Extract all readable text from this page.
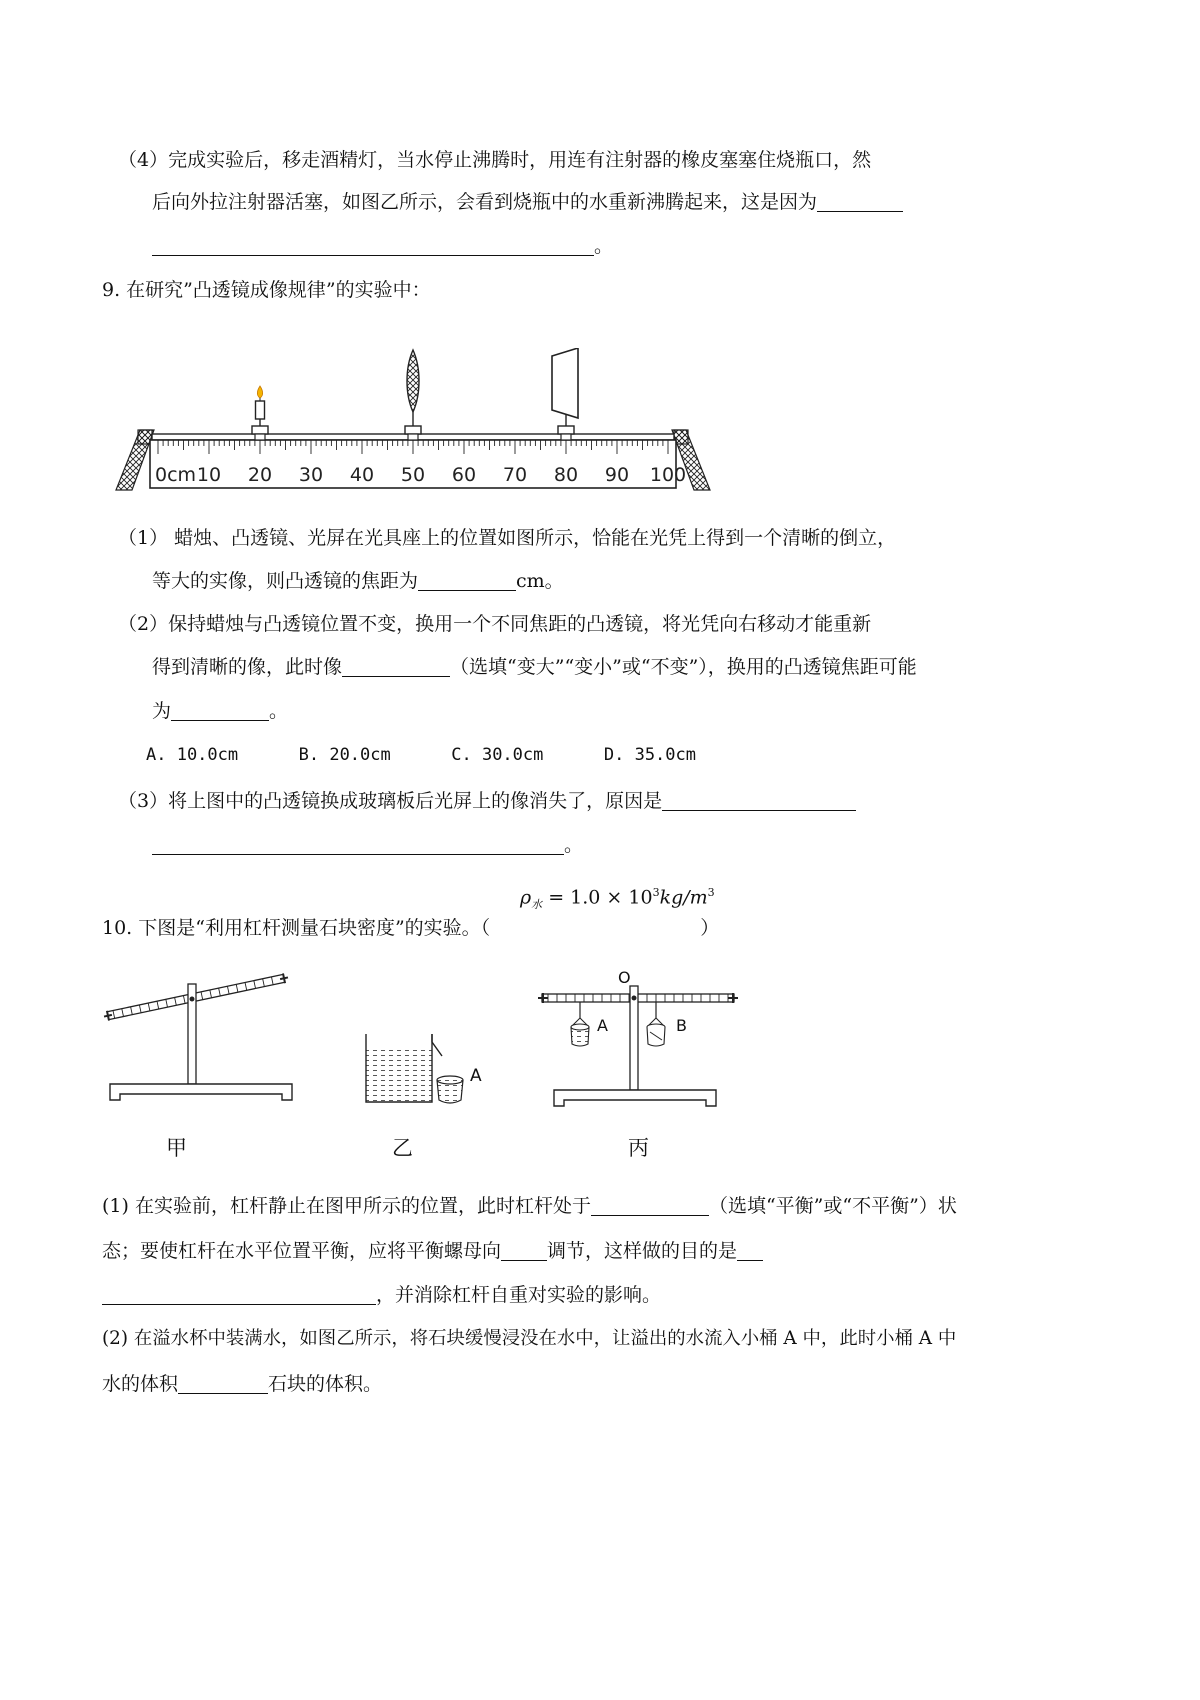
（4）完成实验后，移走酒精灯，当水停止沸腾时，用连有注射器的橡皮塞塞住烧瓶口，然
后向外拉注射器活塞，如图乙所示，会看到烧瓶中的水重新沸腾起来，这是因为
。
9. 在研究”凸透镜成像规律”的实验中：
0cm 10 20 30 40 50 60 70 80 90 100
（1） 蜡烛、凸透镜、光屏在光具座上的位置如图所示，恰能在光凭上得到一个清晰的倒立，
等大的实像，则凸透镜的焦距为	cm。
（2）保持蜡烛与凸透镜位置不变，换用一个不同焦距的凸透镜，将光凭向右移动才能重新
得到清晰的像，此时像	（选填“变大”“变小”或“不变”），换用的凸透镜焦距可能
为	。
A. 10.0cm	B. 20.0cm	C. 30.0cm	D. 35.0cm
（3）将上图中的凸透镜换成玻璃板后光屏上的像消失了，原因是
。
10. 下图是“利用杠杆测量石块密度”的实验。（	）
$\rho_水 = 1.0 \times 10^3kg/m^3$
甲
A
乙
O
A	B
丙
(1) 在实验前，杠杆静止在图甲所示的位置，此时杠杆处于	（选填“平衡”或“不平衡”）状
态；要使杠杆在水平位置平衡，应将平衡螺母向 调节，这样做的目的是
，并消除杠杆自重对实验的影响。
(2) 在溢水杯中装满水，如图乙所示，将石块缓慢浸没在水中，让溢出的水流入小桶 A 中，此时小桶 A 中
水的体积	石块的体积。
